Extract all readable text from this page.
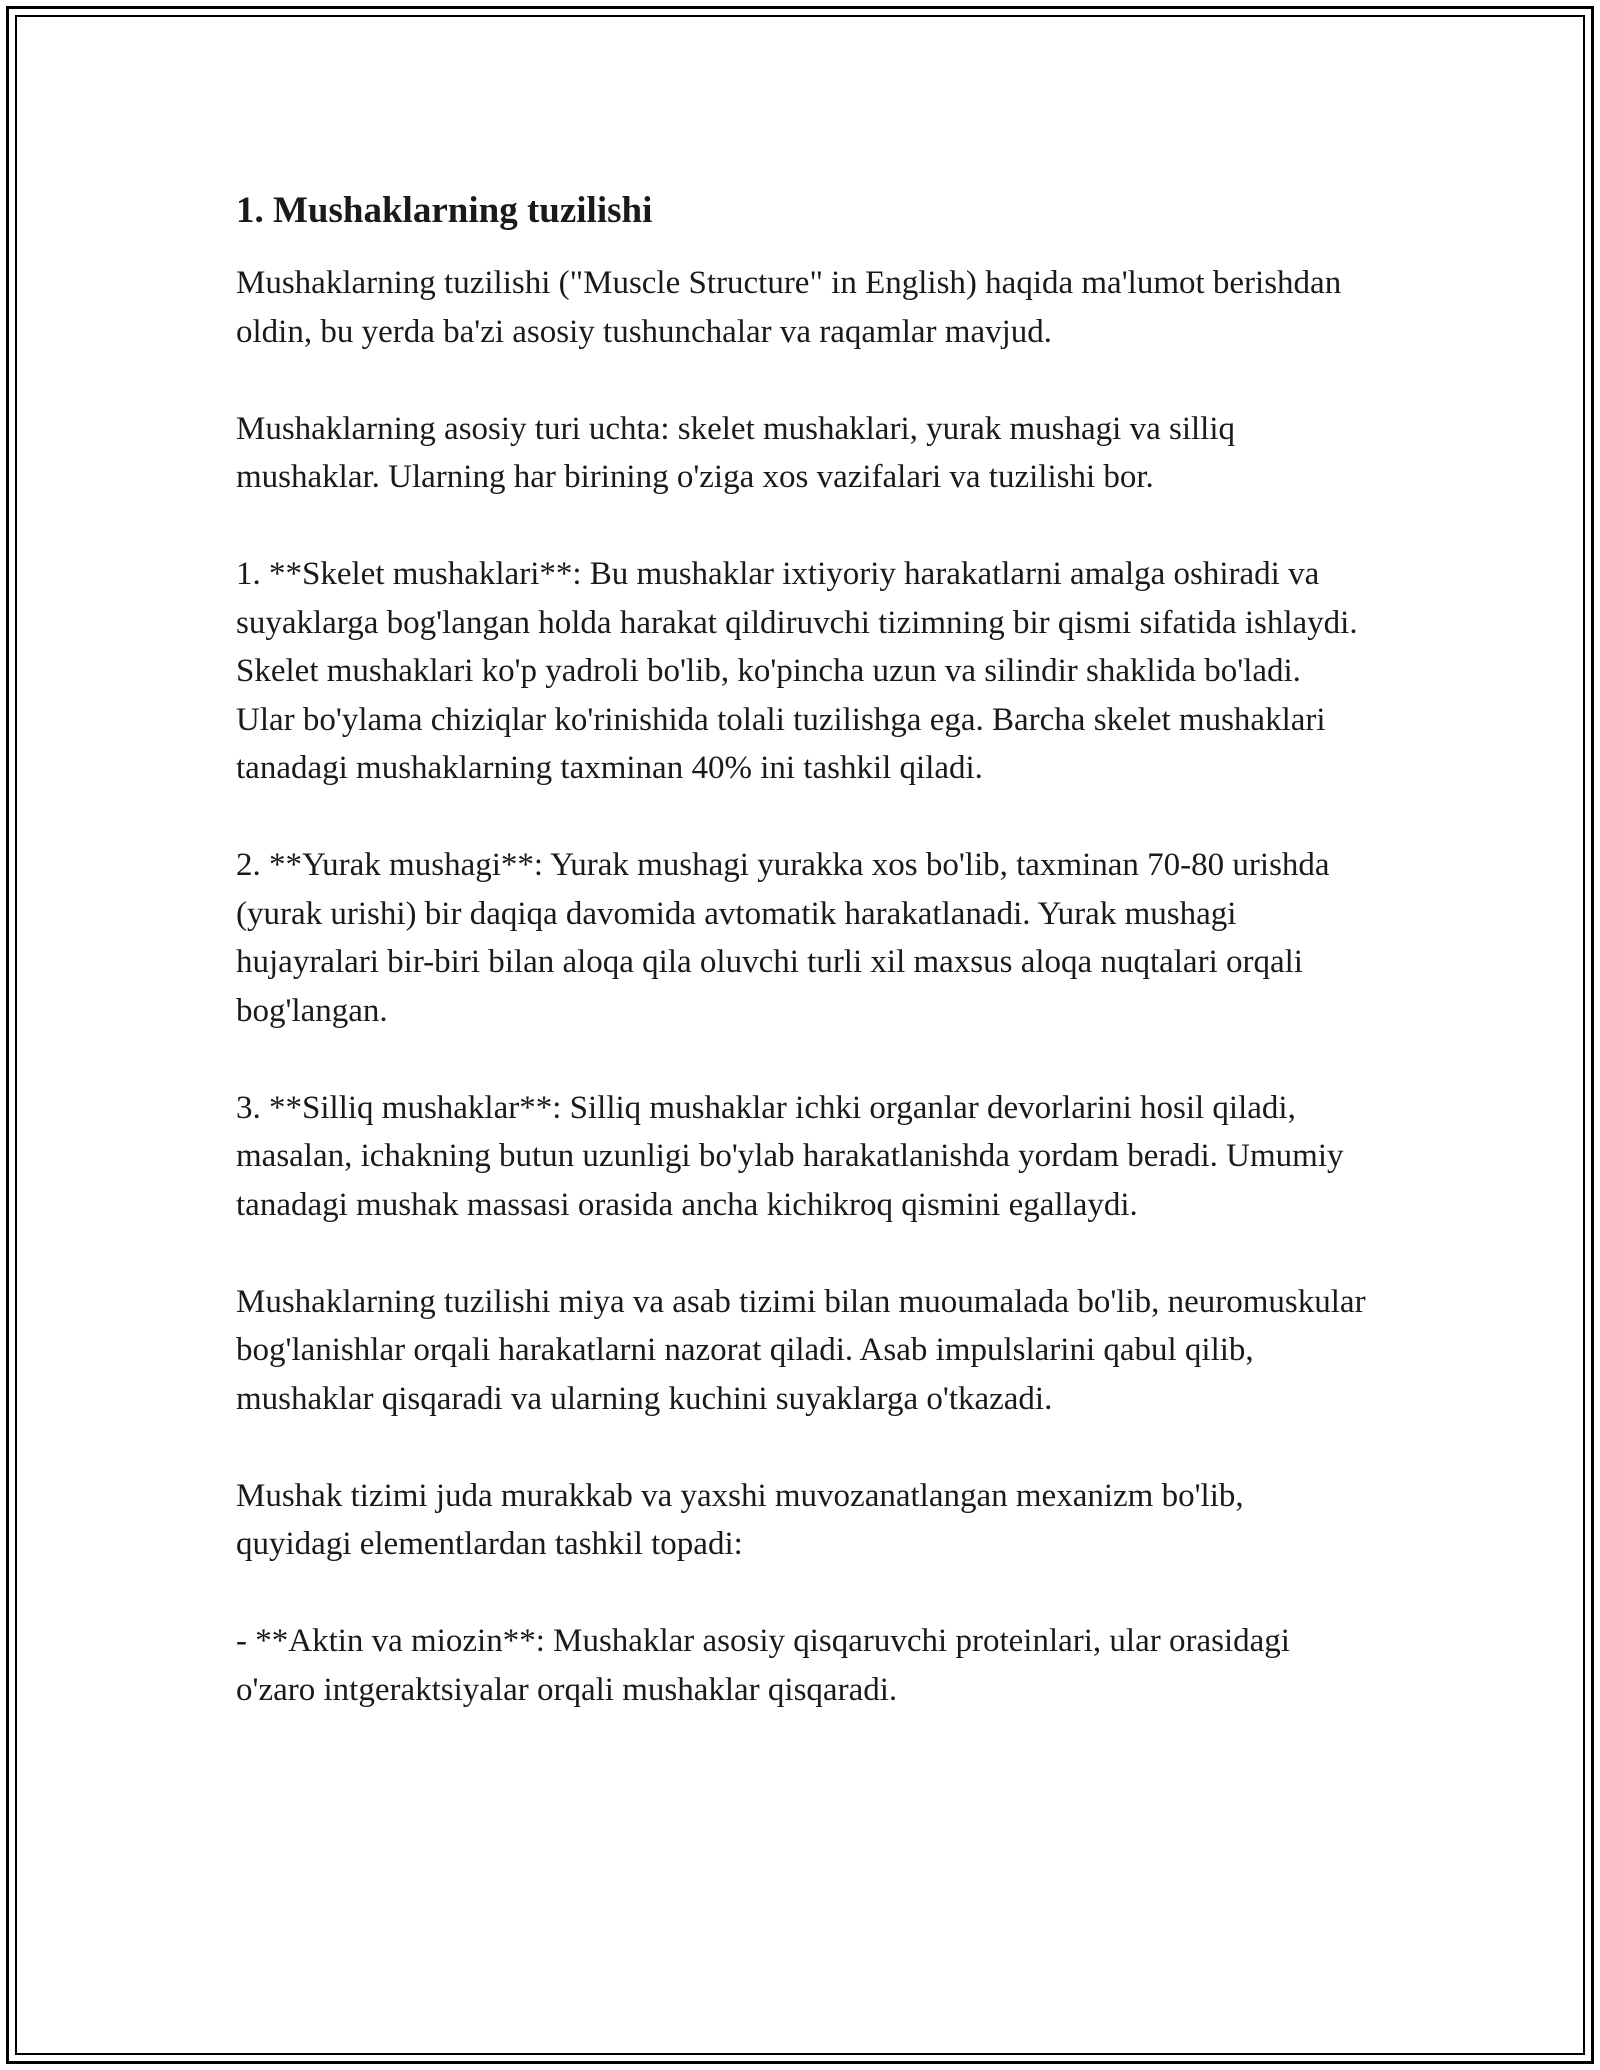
1. Mushaklarning tuzilishi

Mushaklarning tuzilishi ("Muscle Structure" in English) haqida ma'lumot berishdan oldin, bu yerda ba'zi asosiy tushunchalar va raqamlar mavjud.

Mushaklarning asosiy turi uchta: skelet mushaklari, yurak mushagi va silliq mushaklar. Ularning har birining o'ziga xos vazifalari va tuzilishi bor.

1. **Skelet mushaklari**: Bu mushaklar ixtiyoriy harakatlarni amalga oshiradi va suyaklarga bog'langan holda harakat qildiruvchi tizimning bir qismi sifatida ishlaydi. Skelet mushaklari ko'p yadroli bo'lib, ko'pincha uzun va silindir shaklida bo'ladi. Ular bo'ylama chiziqlar ko'rinishida tolali tuzilishga ega. Barcha skelet mushaklari tanadagi mushaklarning taxminan 40% ini tashkil qiladi.

2. **Yurak mushagi**: Yurak mushagi yurakka xos bo'lib, taxminan 70-80 urishda (yurak urishi) bir daqiqa davomida avtomatik harakatlanadi. Yurak mushagi hujayralari bir-biri bilan aloqa qila oluvchi turli xil maxsus aloqa nuqtalari orqali bog'langan.

3. **Silliq mushaklar**: Silliq mushaklar ichki organlar devorlarini hosil qiladi, masalan, ichakning butun uzunligi bo'ylab harakatlanishda yordam beradi. Umumiy tanadagi mushak massasi orasida ancha kichikroq qismini egallaydi.

Mushaklarning tuzilishi miya va asab tizimi bilan muoumalada bo'lib, neuromuskular bog'lanishlar orqali harakatlarni nazorat qiladi. Asab impulslarini qabul qilib, mushaklar qisqaradi va ularning kuchini suyaklarga o'tkazadi.

Mushak tizimi juda murakkab va yaxshi muvozanatlangan mexanizm bo'lib, quyidagi elementlardan tashkil topadi:

- **Aktin va miozin**: Mushaklar asosiy qisqaruvchi proteinlari, ular orasidagi o'zaro intgeraktsiyalar orqali mushaklar qisqaradi.
